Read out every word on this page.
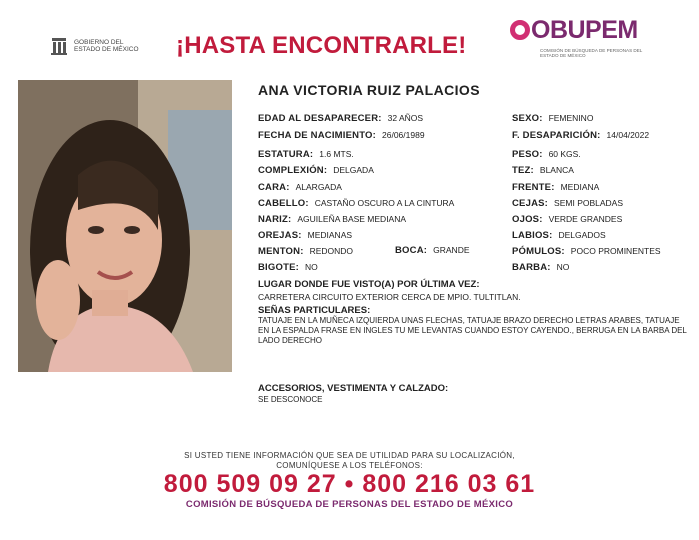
GOBIERNO DEL
ESTADO DE MÉXICO ¡HASTA ENCONTRARLE!
OBUPEM
COMISIÓN DE BÚSQUEDA DE PERSONAS DEL ESTADO DE MÉXICO
ANA VICTORIA RUIZ PALACIOS
EDAD AL DESAPARECER: 32 AÑOS
FECHA DE NACIMIENTO: 26/06/1989
ESTATURA: 1.6 MTS.
COMPLEXIÓN: DELGADA
CARA: ALARGADA
CABELLO: CASTAÑO OSCURO A LA CINTURA
NARIZ: AGUILEÑA BASE MEDIANA
OREJAS: MEDIANAS
MENTON: REDONDO
BIGOTE: NO
SEXO: FEMENINO
F. DESAPARICIÓN: 14/04/2022
PESO: 60 KGS.
TEZ: BLANCA
FRENTE: MEDIANA
CEJAS: SEMI POBLADAS
OJOS: VERDE GRANDES
LABIOS: DELGADOS
PÓMULOS: POCO PROMINENTES
BARBA: NO
BOCA: GRANDE
LUGAR DONDE FUE VISTO(A) POR ÚLTIMA VEZ:
CARRETERA CIRCUITO EXTERIOR CERCA DE MPIO. TULTITLAN.
SEÑAS PARTICULARES:
TATUAJE EN LA MUÑECA IZQUIERDA UNAS FLECHAS, TATUAJE BRAZO DERECHO LETRAS ARABES, TATUAJE EN LA ESPALDA FRASE EN INGLES TU ME LEVANTAS CUANDO ESTOY CAYENDO., BERRUGA EN LA BARBA DEL LADO DERECHO
ACCESORIOS, VESTIMENTA Y CALZADO:
SE DESCONOCE
SI USTED TIENE INFORMACIÓN QUE SEA DE UTILIDAD PARA SU LOCALIZACIÓN,
COMUNÍQUESE A LOS TELÉFONOS:
800 509 09 27 • 800 216 03 61
COMISIÓN DE BÚSQUEDA DE PERSONAS DEL ESTADO DE MÉXICO
